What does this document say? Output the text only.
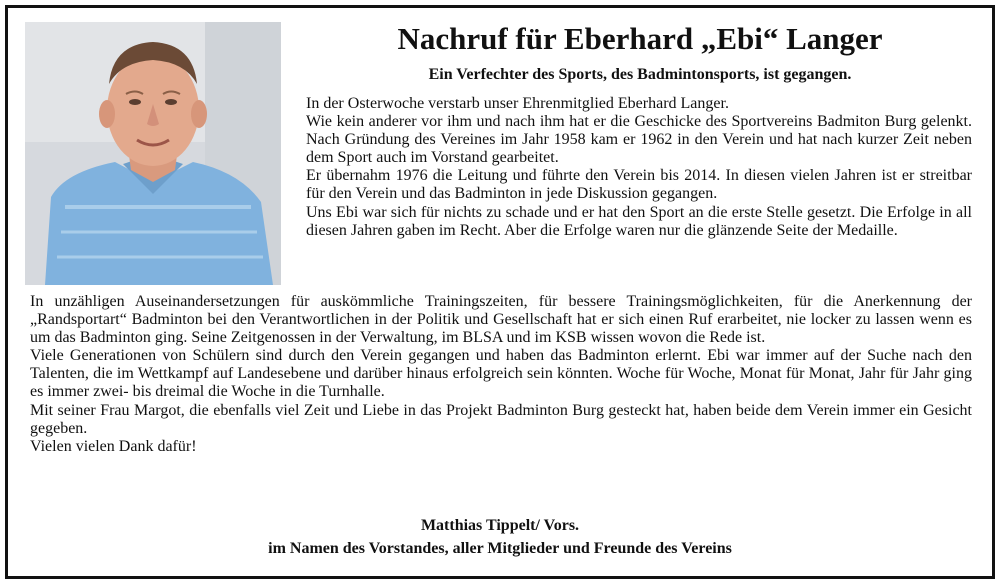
Nachruf für Eberhard „Ebi“ Langer
Ein Verfechter des Sports, des Badmintonsports, ist gegangen.

In der Osterwoche verstarb unser Ehrenmitglied Eberhard Langer.

Wie kein anderer vor ihm und nach ihm hat er die Geschicke des Sportvereins Badmiton Burg gelenkt. Nach Gründung des Vereines im Jahr 1958 kam er 1962 in den Verein und hat nach kurzer Zeit neben dem Sport auch im Vorstand gearbeitet.

Er übernahm 1976 die Leitung und führte den Verein bis 2014. In diesen vielen Jahren ist er streitbar für den Verein und das Badminton in jede Diskussion gegangen.

Uns Ebi war sich für nichts zu schade und er hat den Sport an die erste Stelle gesetzt. Die Erfolge in all diesen Jahren gaben im Recht. Aber die Erfolge waren nur die glänzende Seite der Medaille.

In unzähligen Auseinandersetzungen für auskömmliche Trainingszeiten, für bessere Trainingsmöglichkeiten, für die Anerkennung der „Randsportart“ Badminton bei den Verantwortlichen in der Politik und Gesellschaft hat er sich einen Ruf erarbeitet, nie locker zu lassen wenn es um das Badminton ging. Seine Zeitgenossen in der Verwaltung, im BLSA und im KSB wissen wovon die Rede ist.

Viele Generationen von Schülern sind durch den Verein gegangen und haben das Badminton erlernt. Ebi war immer auf der Suche nach den Talenten, die im Wettkampf auf Landesebene und darüber hinaus erfolgreich sein könnten. Woche für Woche, Monat für Monat, Jahr für Jahr ging es immer zwei- bis dreimal die Woche in die Turnhalle.

Mit seiner Frau Margot, die ebenfalls viel Zeit und Liebe in das Projekt Badminton Burg gesteckt hat, haben beide dem Verein immer ein Gesicht gegeben.

Vielen vielen Dank dafür!

Matthias Tippelt/ Vors.
im Namen des Vorstandes, aller Mitglieder und Freunde des Vereins
